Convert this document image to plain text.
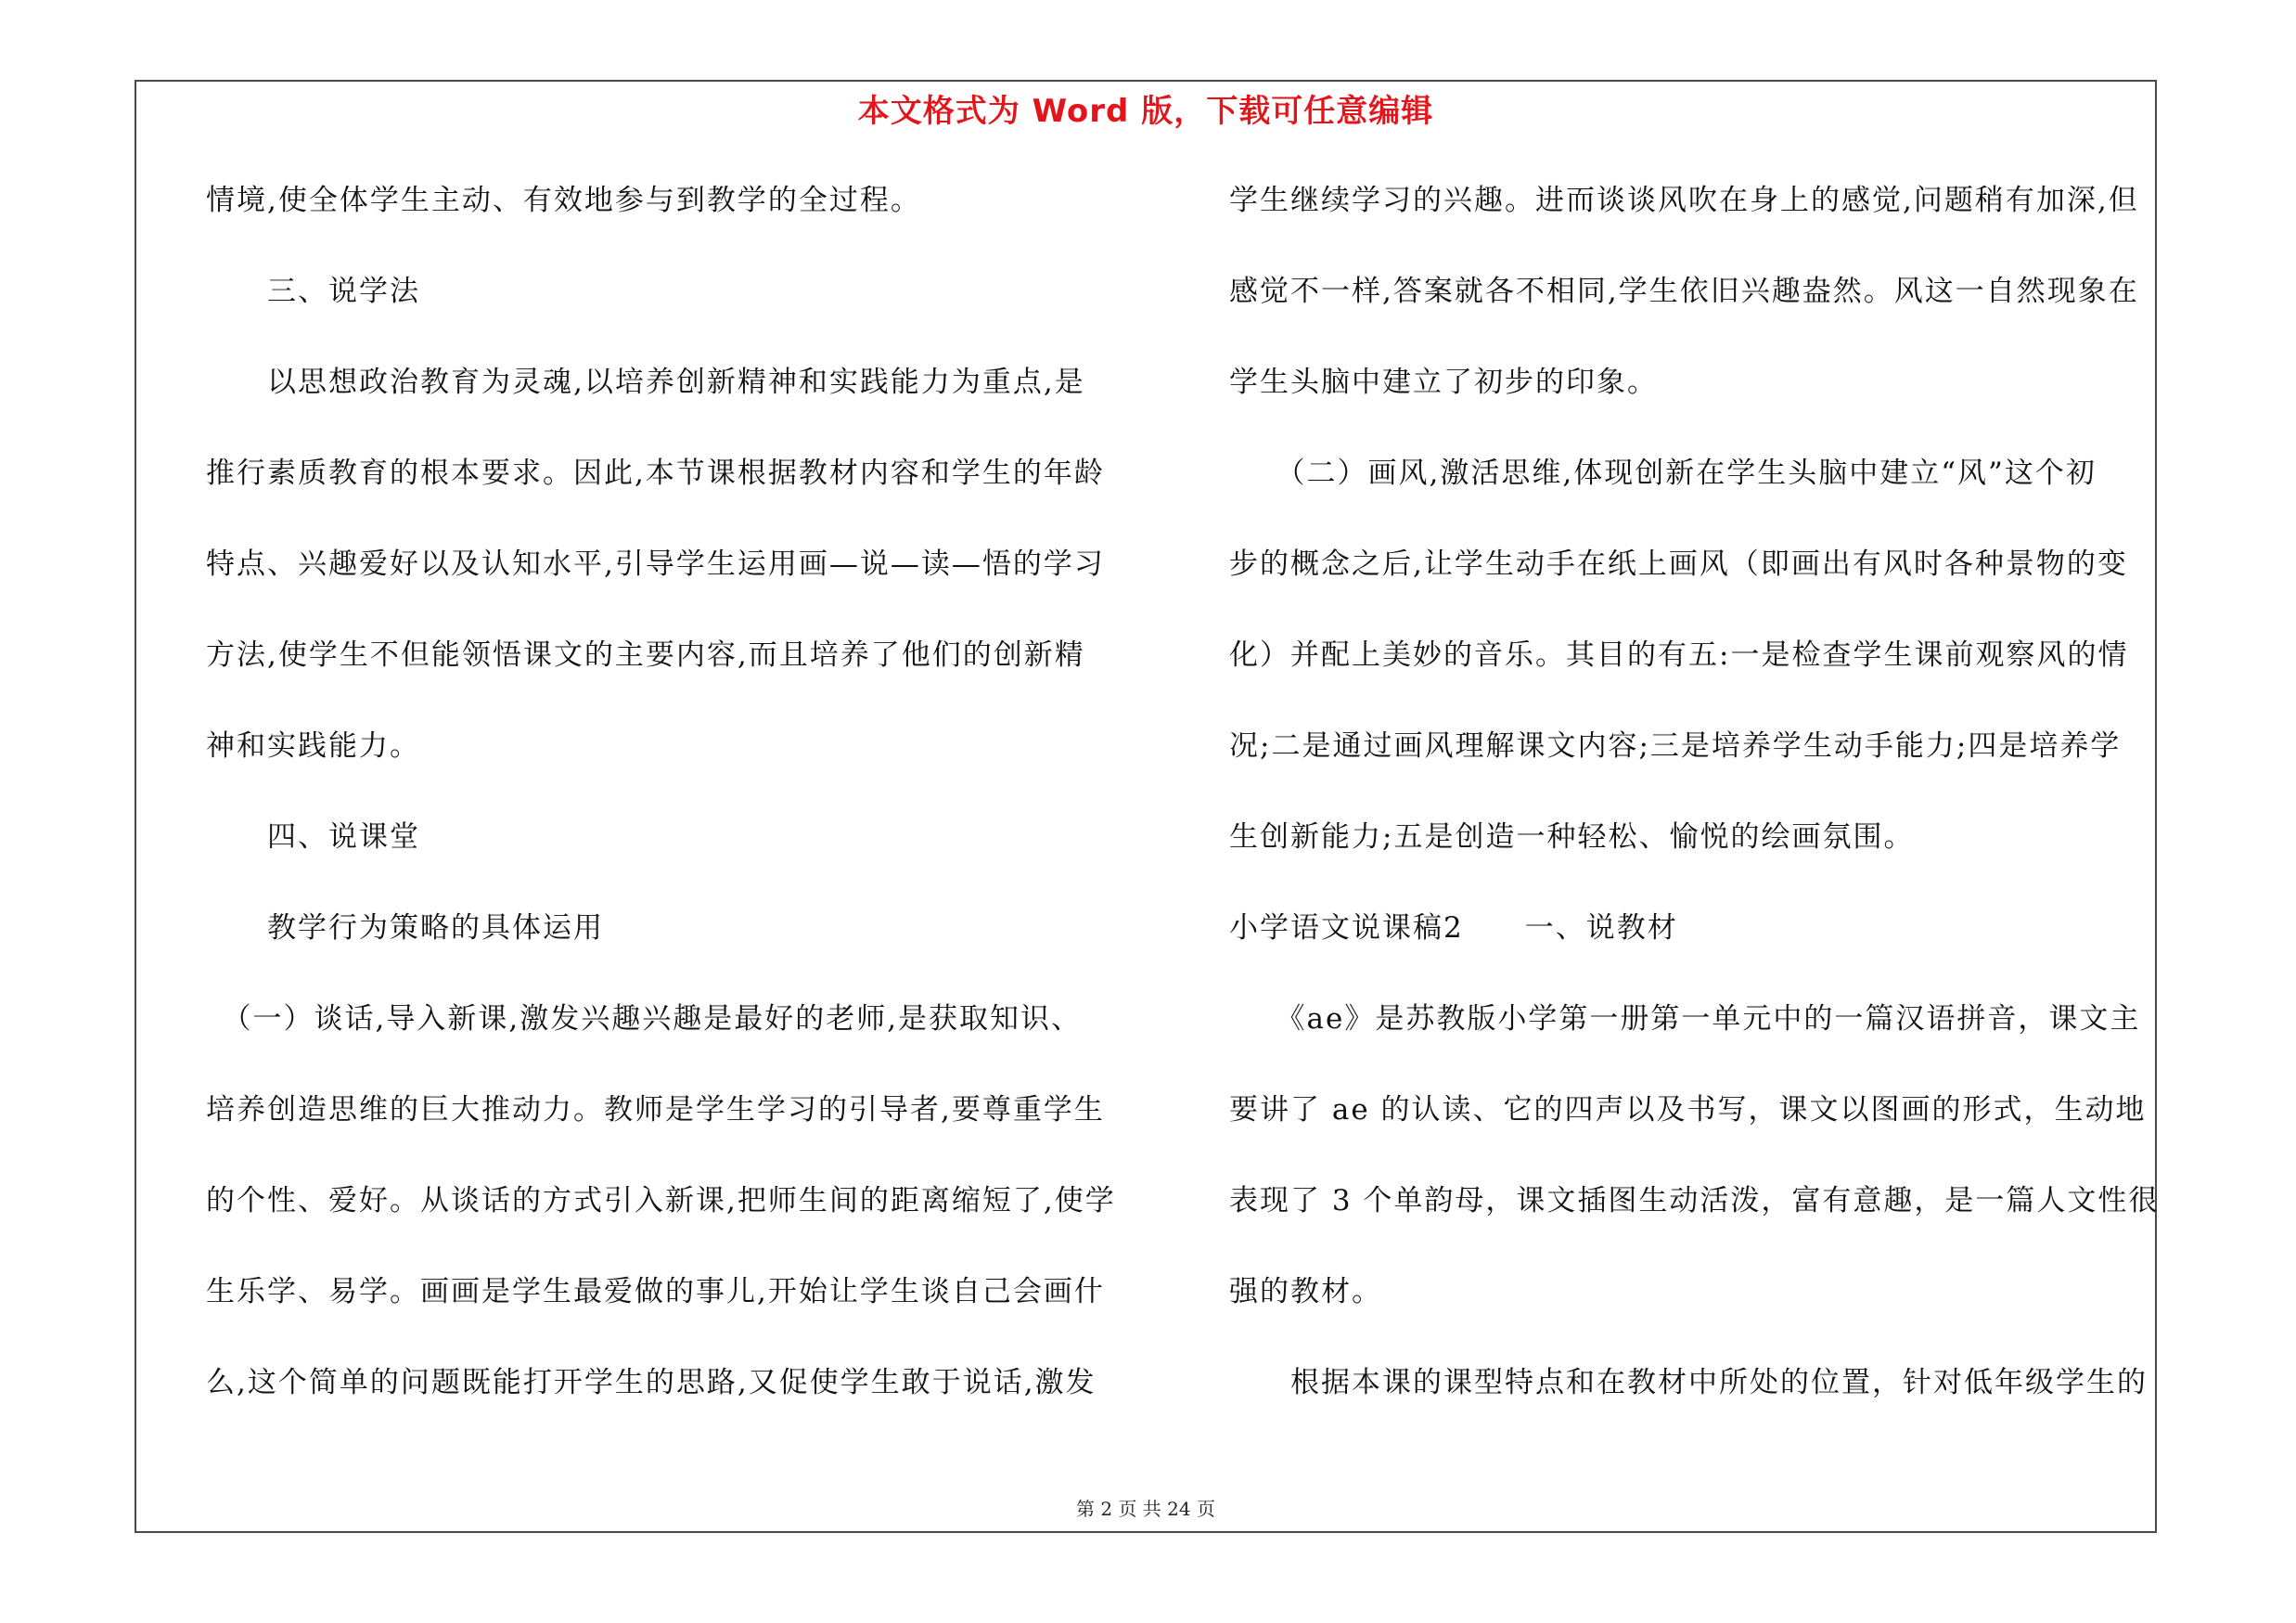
本文格式为 Word 版，下载可任意编辑
情境,使全体学生主动、有效地参与到教学的全过程。
　　三、说学法
　　以思想政治教育为灵魂,以培养创新精神和实践能力为重点,是
推行素质教育的根本要求。因此,本节课根据教材内容和学生的年龄
特点、兴趣爱好以及认知水平,引导学生运用画—说—读—悟的学习
方法,使学生不但能领悟课文的主要内容,而且培养了他们的创新精
神和实践能力。
　　四、说课堂
　　教学行为策略的具体运用
　（一）谈话,导入新课,激发兴趣兴趣是最好的老师,是获取知识、
培养创造思维的巨大推动力。教师是学生学习的引导者,要尊重学生
的个性、爱好。从谈话的方式引入新课,把师生间的距离缩短了,使学
生乐学、易学。画画是学生最爱做的事儿,开始让学生谈自己会画什
么,这个简单的问题既能打开学生的思路,又促使学生敢于说话,激发
学生继续学习的兴趣。进而谈谈风吹在身上的感觉,问题稍有加深,但
感觉不一样,答案就各不相同,学生依旧兴趣盎然。风这一自然现象在
学生头脑中建立了初步的印象。
　　（二）画风,激活思维,体现创新在学生头脑中建立“风”这个初
步的概念之后,让学生动手在纸上画风（即画出有风时各种景物的变
化）并配上美妙的音乐。其目的有五:一是检查学生课前观察风的情
况;二是通过画风理解课文内容;三是培养学生动手能力;四是培养学
生创新能力;五是创造一种轻松、愉悦的绘画氛围。
小学语文说课稿2　　一、说教材
　　《ae》是苏教版小学第一册第一单元中的一篇汉语拼音，课文主
要讲了 ae 的认读、它的四声以及书写，课文以图画的形式，生动地
表现了 3 个单韵母，课文插图生动活泼，富有意趣，是一篇人文性很
强的教材。
　　根据本课的课型特点和在教材中所处的位置，针对低年级学生的
第 2 页 共 24 页
